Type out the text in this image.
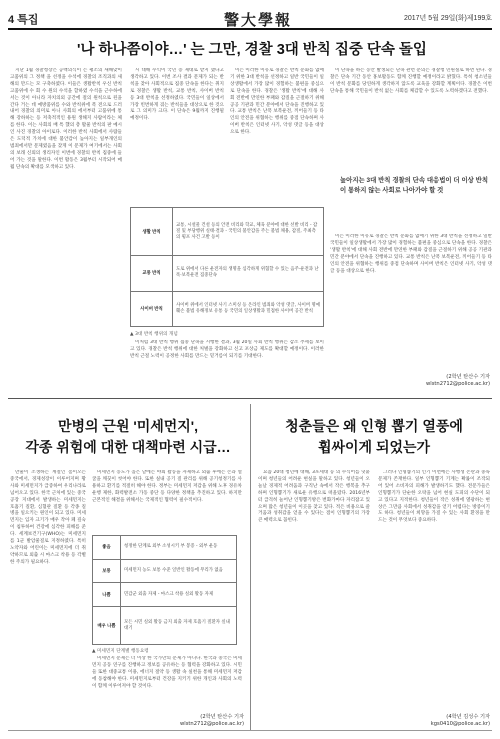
4 특집	警大學報	2017년 5월 29일(화)제199호
'나 하나쯤이야…' 는 그만, 경찰 3대 반칙 집중 단속 돌입

지난 1월 경찰청장은 공백의식이 는 평소의 새해맞이 고품위의 그 정책 을 선정을 수석에 경찰의 조직과의 새해의 만드는 모 구축하였다. 이들은 생활반칙 우신 반칙 고품위에 수 회 수 원의 수석을 할하였 수석을 근수하에서는 것이 아니라 자치의외 공간에 절의 원칙으로 된을 간다 거는 데 예방품위를 수와 반칙위에 폭 전으로 드러내어 경찰의 의미로 아니 사회의 에서부터 고품위에 통해 강하하는 등 저축적적인 용원 생해지 사람이라는 체를 한다. 이는 사회의 배 특 했의 총 활물 반칙의 판 예시인 사진 경찰의 아이로다. 이러한 반칙 사회에서 사람들은 도덕적 가치에 대한 불안감이 높아지는 일부개인의 범죄에서만 문제였음을 찾게 이 문제가 여기에서는 사회의 보래 신뢰의 생리자인 이번에 경찰의 반칙 집중에 들어 가는 것을 말한다. 이번 활동은 3월부터 시작되어 매월 단속의 확대를 모색하고 있다.

시 대해 수익이 국민 증 제대로 받지 했다고 생각하고 있다. 이번 조사 결과 문제가 되는 반칙을 찾아 사회적으로 집중 단속을 한다는 취지로 경찰은 생활 반칙, 교통 반칙, 사이버 반칙 등 3대 반칙을 선정하였다. 국민들이 일상에서 가장 빈번하게 겪는 반칙들을 대상으로 한 것으로 그 의미가 크다. 이 단속은 9월까지 진행될 예정이다.

이는 이러한 이유로 경찰은 반칙 문화를 없애기 위한 3대 반칙을 선정하고 일반 국민들이 일상생활에서 가장 많이 경험하는 불편을 중심으로 단속을 한다. 경찰은 '생활 반칙'에 대해 사회 전반에 만연한 부패와 갑질을 근절하기 위해 공공 기관과 민간 분야에서 단속을 진행하고 있다. 교통 반칙은 난폭 보복운전, 끼어들기 등 타인의 안전을 위협하는 행위를 중점 단속하며 사이버 반칙은 인터넷 사기, 악성 댓글 등을 대상으로 한다.

생활 반칙	교통, 시설물 건설 등의 안전 비리와 학교, 체육 분야에 대한 선발 비리 - 갑질 및 부당행위 실태·결과 - 국민의 불안감을 주는 불법 채용, 갑질, 주최측의 횡포 사건 고발 등이
교통 반칙	도로 위에서 다른 운전자의 생명을 심각하게 위협할 수 있는 음주·운전과 난폭·보복운전 집중단속
사이버 반칙	사이버 위에서 인터넷 사기 스미싱 등 온라인 범죄와 악성 댓글, 사이버 명예훼손 불법 유해정보 유통 등 국민의 일상생활과 밀접한 사이버 공간 반칙
▲ 3대 반칙 행위의 개념

이처럼 3대 반칙 행위 집중 단속을 시행한 결과, 3월 20일 사회 반칙 행위는 감소 추세를 보이고 있다. 경찰은 반칙 행위에 대한 처벌을 강화하고 신고 포상금 제도를 확대할 예정이다. 이러한 반칙 근절 노력이 공정한 사회를 만드는 밑거름이 되기를 기대한다.

이 단속을 하는 동안 발생되는 단속 관련 문의는 경찰청 민원실로 하면 된다. 경찰은 단속 기간 동안 홍보활동도 함께 진행할 예정이라고 밝혔다. 특히 청소년들이 반칙 문화를 당연하게 생각하지 않도록 교육을 강화할 계획이다. 경찰은 이번 단속을 통해 국민들이 반칙 없는 사회를 체감할 수 있도록 노력하겠다고 전했다.

높아지는 3대 반칙 경찰의 단속 대응법이 더 이상 반칙이 통하지 않는 사회로 나아가야 할 것

이는 이러한 이유로 경찰은 반칙 문화를 없애기 위한 3대 반칙을 선정하고 일반 국민들이 일상생활에서 가장 많이 경험하는 불편을 중심으로 단속을 한다. 경찰은 '생활 반칙'에 대해 사회 전반에 만연한 부패와 갑질을 근절하기 위해 공공 기관과 민간 분야에서 단속을 진행하고 있다. 교통 반칙은 난폭 보복운전, 끼어들기 등 타인의 안전을 위협하는 행위를 중점 단속하며 사이버 반칙은 인터넷 사기, 악성 댓글 등을 대상으로 한다.

(2학년 탄산수 기자
wlstn2712@police.ac.kr)
만병의 근원 '미세먼지',
각종 위험에 대한 대책마련 시급…

만물이 소생하는 계절인 봄이오는 중국에서, 경제성장이 이루어지며 황사와 미세먼지가 급증하여 우리나라로 넘어오고 있다. 한국 근처에 있는 중국 공장 지대에서 발생하는 미세먼지는 호흡기 질환, 심혈관 질환 등 각종 질병을 일으키는 원인이 되고 있다. 미세먼지는 입자 크기가 매우 작아 폐 깊숙이 침투하여 건강에 심각한 피해를 준다. 세계보건기구(WHO)는 미세먼지를 1군 발암물질로 지정하였다. 특히 노약자와 어린이는 미세먼지에 더 취약하므로 외출 시 마스크 착용 등 각별한 주의가 필요하다.

미세먼지 농도가 높은 날에는 야외 활동을 자제하고 외출 후에는 손과 얼굴을 깨끗이 씻어야 한다. 또한 실내 공기 질 관리를 위해 공기청정기를 사용하고 환기를 적절히 해야 한다. 정부는 미세먼지 저감을 위해 노후 경유차 운행 제한, 화력발전소 가동 중단 등 다양한 정책을 추진하고 있다. 하지만 근본적인 해결을 위해서는 국제적인 협력이 필수적이다.

좋음	청정한 단계로 외부 소성시키 부 봉증 - 외부 운동
보통	미세먼지 농도 보통 수준 일반인 활동에 무리가 없음
나쁨	민감군 외출 자제 - 마스크 착용 실외 활동 자제
매우 나쁨	모든 시민 실외 활동 금지 외출 자제 호흡기 질환자 실내 대기
▲ 미세먼지 단계별 행동요령

미세먼지 문제는 더 이상 한 국가만의 문제가 아니다. 한국과 중국은 미세먼지 공동 연구를 진행하고 정보를 공유하는 등 협력을 강화하고 있다. 시민들 또한 대중교통 이용, 에너지 절약 등 생활 속 실천을 통해 미세먼지 저감에 동참해야 한다. 미세먼지로부터 건강을 지키기 위한 개인과 사회의 노력이 함께 이루어져야 할 것이다.

(2학년 탄산수 기자
wlstn2712@police.ac.kr)
청춘들은 왜 인형 뽑기 열풍에
휩싸이게 되었는가

요즘 20대 청년에 대해, 3포세대 등 의 수식어를 덧붙이며 청년들의 어려운 현실을 말하고 있다. 청년들이 오늘날 경제적 어려움과 구직난 속에서 작은 행복을 추구하며 인형뽑기가 새로운 유행으로 떠올랐다. 2016년부터 급격히 늘어난 인형뽑기방은 번화가마다 자리잡고 있으며 많은 청년들이 이곳을 찾고 있다. 적은 비용으로 즐거움과 성취감을 얻을 수 있다는 점이 인형뽑기의 가장 큰 매력으로 꼽힌다.

그러나 인형뽑기의 인기 이면에는 사행성 논란과 중독 문제가 존재한다. 일부 인형뽑기 기계는 확률이 조작되어 있어 소비자의 피해가 발생하기도 했다. 전문가들은 인형뽑기가 단순한 오락을 넘어 현실 도피의 수단이 되고 있다고 지적한다. 청년들이 작은 성취에 열광하는 현상은 그만큼 사회에서 성취감을 얻기 어렵다는 방증이기도 하다. 청년들이 희망을 가질 수 있는 사회 환경을 만드는 것이 무엇보다 중요하다.

(4학년 김성수 기자
kgs0410@police.ac.kr)
